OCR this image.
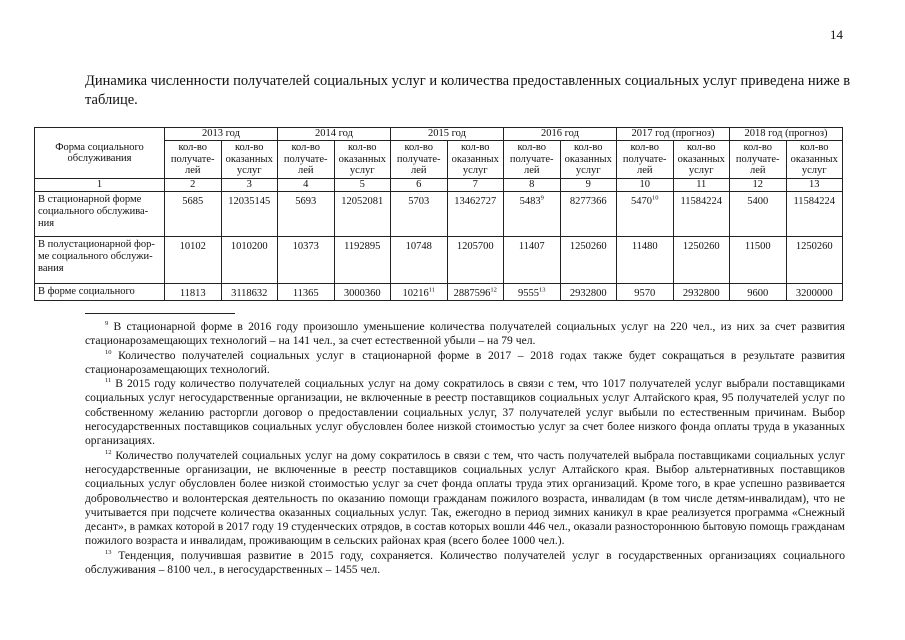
14
Динамика численности получателей социальных услуг и количества предоставленных социальных услуг приведена ниже в таблице.
Форма социального обслуживания	2013 год		2014 год		2015 год		2016 год		2017 год (прогноз)		2018 год (прогноз)	
	кол-во получате-лей	кол-во оказанных услуг	кол-во получате-лей	кол-во оказанных услуг	кол-во получате-лей	кол-во оказанных услуг	кол-во получате-лей	кол-во оказанных услуг	кол-во получате-лей	кол-во оказанных услуг	кол-во получате-лей	кол-во оказанных услуг
1	2	3	4	5	6	7	8	9	10	11	12	13
В стационарной форме социального обслужива-ния	5685	12035145	5693	12052081	5703	13462727	5483$^9$	8277366	5470$^{10}$	11584224	5400	11584224
В полустационарной фор-ме социального обслужи-вания	10102	1010200	10373	1192895	10748	1205700	11407	1250260	11480	1250260	11500	1250260
В форме социального	11813	3118632	11365	3000360	10216$^{11}$	2887596$^{12}$	9555$^{13}$	2932800	9570	2932800	9600	3200000

$^9$ В стационарной форме в 2016 году произошло уменьшение количества получателей социальных услуг на 220 чел., из них за счет развития стационарозамещающих технологий – на 141 чел., за счет естественной убыли – на 79 чел.

$^{10}$ Количество получателей социальных услуг в стационарной форме в 2017 – 2018 годах также будет сокращаться в результате развития стационарозамещающих технологий.

$^{11}$ В 2015 году количество получателей социальных услуг на дому сократилось в связи с тем, что 1017 получателей услуг выбрали поставщиками социальных услуг негосударственные организации, не включенные в реестр поставщиков социальных услуг Алтайского края, 95 получателей услуг по собственному желанию расторгли договор о предоставлении социальных услуг, 37 получателей услуг выбыли по естественным причинам. Выбор негосударственных поставщиков социальных услуг обусловлен более низкой стоимостью услуг за счет более низкого фонда оплаты труда в указанных организациях.

$^{12}$ Количество получателей социальных услуг на дому сократилось в связи с тем, что часть получателей выбрала поставщиками социальных услуг негосударственные организации, не включенные в реестр поставщиков социальных услуг Алтайского края. Выбор альтернативных поставщиков социальных услуг обусловлен более низкой стоимостью услуг за счет фонда оплаты труда этих организаций. Кроме того, в крае успешно развивается добровольчество и волонтерская деятельность по оказанию помощи гражданам пожилого возраста, инвалидам (в том числе детям-инвалидам), что не учитывается при подсчете количества оказанных социальных услуг. Так, ежегодно в период зимних каникул в крае реализуется программа «Снежный десант», в рамках которой в 2017 году 19 студенческих отрядов, в состав которых вошли 446 чел., оказали разностороннюю бытовую помощь гражданам пожилого возраста и инвалидам, проживающим в сельских районах края (всего более 1000 чел.).

$^{13}$ Тенденция, получившая развитие в 2015 году, сохраняется. Количество получателей услуг в государственных организациях социального обслуживания – 8100 чел., в негосударственных – 1455 чел.
